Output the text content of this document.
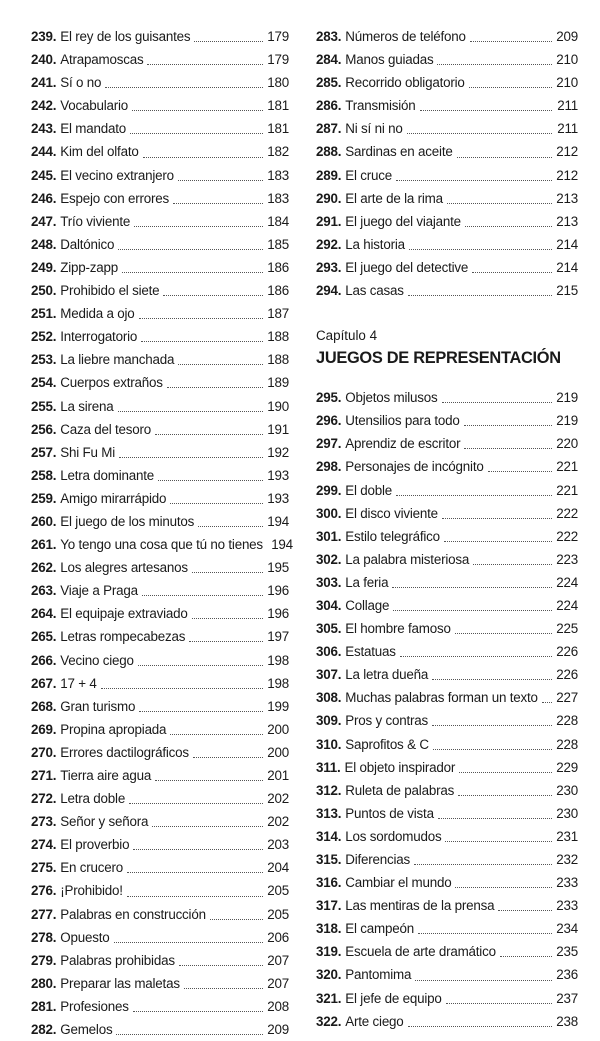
239. El rey de los guisantes	179
240. Atrapamoscas	179
241. Sí o no	180
242. Vocabulario	181
243. El mandato	181
244. Kim del olfato	182
245. El vecino extranjero	183
246. Espejo con errores	183
247. Trío viviente	184
248. Daltónico	185
249. Zipp-zapp	186
250. Prohibido el siete	186
251. Medida a ojo	187
252. Interrogatorio	188
253. La liebre manchada	188
254. Cuerpos extraños	189
255. La sirena	190
256. Caza del tesoro	191
257. Shi Fu Mi	192
258. Letra dominante	193
259. Amigo mirarrápido	193
260. El juego de los minutos	194
261. Yo tengo una cosa que tú no tienes 194
262. Los alegres artesanos	195
263. Viaje a Praga	196
264. El equipaje extraviado	196
265. Letras rompecabezas	197
266. Vecino ciego	198
267. 17 + 4	198
268. Gran turismo	199
269. Propina apropiada	200
270. Errores dactilográficos	200
271. Tierra aire agua	201
272. Letra doble	202
273. Señor y señora	202
274. El proverbio	203
275. En crucero	204
276. ¡Prohibido!	205
277. Palabras en construcción	205
278. Opuesto	206
279. Palabras prohibidas	207
280. Preparar las maletas	207
281. Profesiones	208
282. Gemelos	209
283. Números de teléfono	209
284. Manos guiadas	210
285. Recorrido obligatorio	210
286. Transmisión	211
287. Ni sí ni no	211
288. Sardinas en aceite	212
289. El cruce	212
290. El arte de la rima	213
291. El juego del viajante	213
292. La historia	214
293. El juego del detective	214
294. Las casas	215
Capítulo 4
JUEGOS DE REPRESENTACIÓN
295. Objetos milusos	219
296. Utensilios para todo	219
297. Aprendiz de escritor	220
298. Personajes de incógnito	221
299. El doble	221
300. El disco viviente	222
301. Estilo telegráfico	222
302. La palabra misteriosa	223
303. La feria	224
304. Collage	224
305. El hombre famoso	225
306. Estatuas	226
307. La letra dueña	226
308. Muchas palabras forman un texto 227
309. Pros y contras	228
310. Saprofitos & C	228
311. El objeto inspirador	229
312. Ruleta de palabras	230
313. Puntos de vista	230
314. Los sordomudos	231
315. Diferencias	232
316. Cambiar el mundo	233
317. Las mentiras de la prensa	233
318. El campeón	234
319. Escuela de arte dramático	235
320. Pantomima	236
321. El jefe de equipo	237
322. Arte ciego	238
